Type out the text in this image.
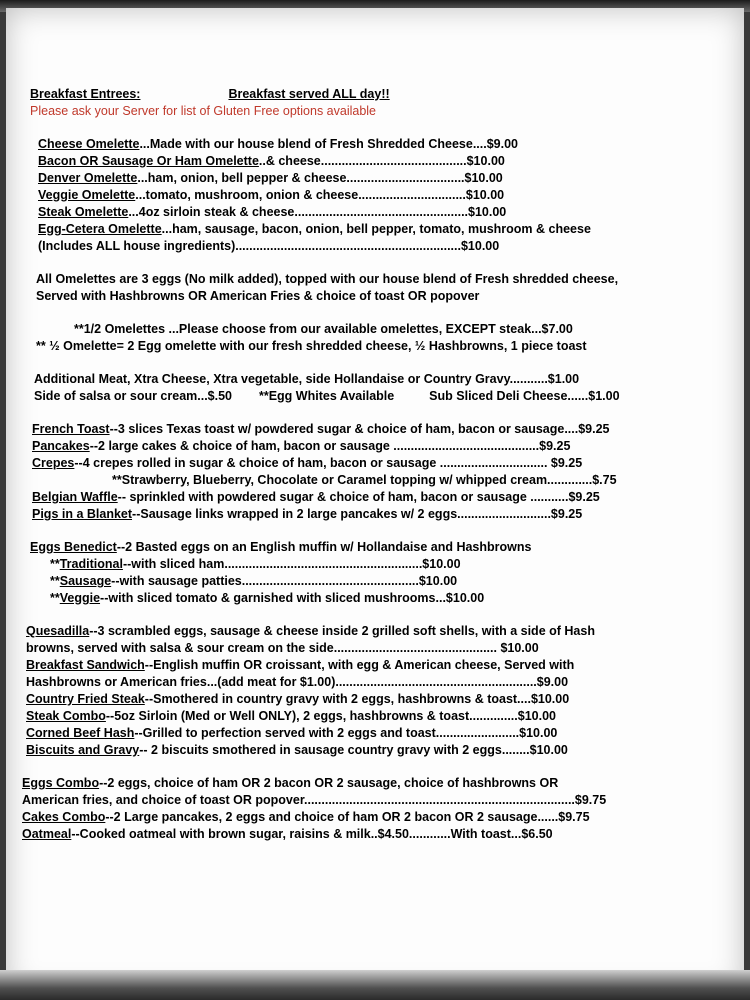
Breakfast Entrees:	Breakfast served ALL day!!
Please ask your Server for list of Gluten Free options available
Cheese Omelette...Made with our house blend of Fresh Shredded Cheese....$9.00
Bacon OR Sausage Or Ham Omelette..& cheese..........................................$10.00
Denver Omelette...ham, onion, bell pepper & cheese..................................$10.00
Veggie Omelette...tomato, mushroom, onion & cheese...............................$10.00
Steak Omelette...4oz sirloin steak & cheese..................................................$10.00
Egg-Cetera Omelette...ham, sausage, bacon, onion, bell pepper, tomato, mushroom & cheese
(Includes ALL house ingredients).................................................................$10.00
All Omelettes are 3 eggs (No milk added), topped with our house blend of Fresh shredded cheese,
Served with Hashbrowns OR American Fries & choice of toast OR popover
**1/2 Omelettes ...Please choose from our available omelettes, EXCEPT steak...$7.00
** ½ Omelette= 2 Egg omelette with our fresh shredded cheese, ½ Hashbrowns, 1 piece toast
Additional Meat, Xtra Cheese, Xtra vegetable, side Hollandaise or Country Gravy...........$1.00
Side of salsa or sour cream...$.50 **Egg Whites Available	Sub Sliced Deli Cheese......$1.00
French Toast--3 slices Texas toast w/ powdered sugar & choice of ham, bacon or sausage....$9.25
Pancakes--2 large cakes & choice of ham, bacon or sausage ..........................................$9.25
Crepes--4 crepes rolled in sugar & choice of ham, bacon or sausage ............................... $9.25
**Strawberry, Blueberry, Chocolate or Caramel topping w/ whipped cream.............$.75
Belgian Waffle-- sprinkled with powdered sugar & choice of ham, bacon or sausage ...........$9.25
Pigs in a Blanket--Sausage links wrapped in 2 large pancakes w/ 2 eggs...........................$9.25
Eggs Benedict--2 Basted eggs on an English muffin w/ Hollandaise and Hashbrowns
**Traditional--with sliced ham.........................................................$10.00
**Sausage--with sausage patties...................................................$10.00
**Veggie--with sliced tomato & garnished with sliced mushrooms...$10.00
Quesadilla--3 scrambled eggs, sausage & cheese inside 2 grilled soft shells, with a side of Hash
browns, served with salsa & sour cream on the side............................................... $10.00
Breakfast Sandwich--English muffin OR croissant, with egg & American cheese, Served with
Hashbrowns or American fries...(add meat for $1.00)..........................................................$9.00
Country Fried Steak--Smothered in country gravy with 2 eggs, hashbrowns & toast....$10.00
Steak Combo--5oz Sirloin (Med or Well ONLY), 2 eggs, hashbrowns & toast..............$10.00
Corned Beef Hash--Grilled to perfection served with 2 eggs and toast........................$10.00
Biscuits and Gravy-- 2 biscuits smothered in sausage country gravy with 2 eggs........$10.00
Eggs Combo--2 eggs, choice of ham OR 2 bacon OR 2 sausage, choice of hashbrowns OR
American fries, and choice of toast OR popover..............................................................................$9.75
Cakes Combo--2 Large pancakes, 2 eggs and choice of ham OR 2 bacon OR 2 sausage......$9.75
Oatmeal--Cooked oatmeal with brown sugar, raisins & milk..$4.50............With toast...$6.50
